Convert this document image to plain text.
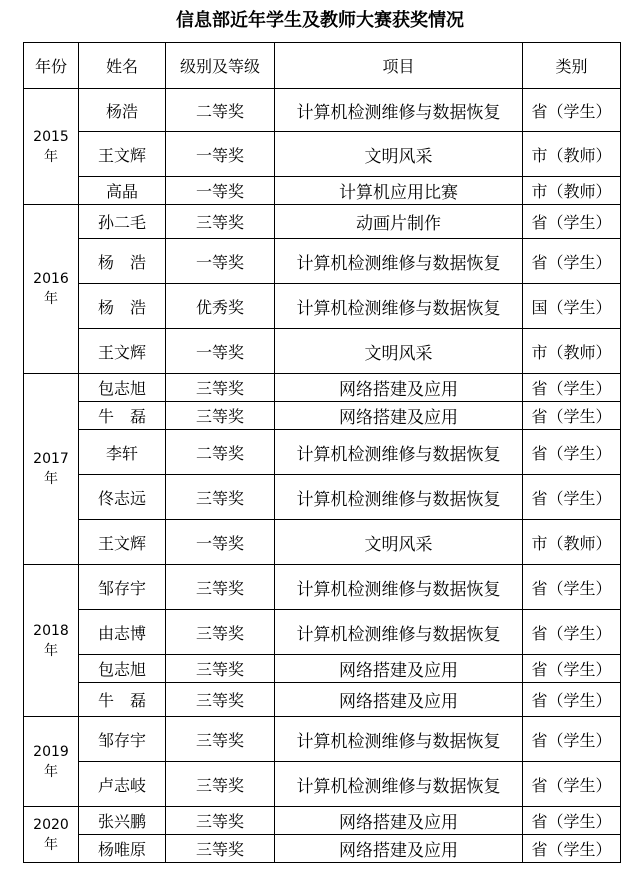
信息部近年学生及教师大赛获奖情况
年份	姓名	级别及等级	项目	类别

2015
年	杨浩	二等奖	计算机检测维修与数据恢复	省（学生）
	王文辉	一等奖	文明风采	市（教师）
	高晶	一等奖	计算机应用比赛	市（教师）

2016
年	孙二毛	三等奖	动画片制作	省（学生）
	杨　浩	一等奖	计算机检测维修与数据恢复	省（学生）
	杨　浩	优秀奖	计算机检测维修与数据恢复	国（学生）
	王文辉	一等奖	文明风采	市（教师）

2017
年	包志旭	三等奖	网络搭建及应用	省（学生）
	牛　磊	三等奖	网络搭建及应用	省（学生）
	李轩	二等奖	计算机检测维修与数据恢复	省（学生）
	佟志远	三等奖	计算机检测维修与数据恢复	省（学生）
	王文辉	一等奖	文明风采	市（教师）

2018
年	邹存宇	三等奖	计算机检测维修与数据恢复	省（学生）
	由志博	三等奖	计算机检测维修与数据恢复	省（学生）
	包志旭	三等奖	网络搭建及应用	省（学生）
	牛　磊	三等奖	网络搭建及应用	省（学生）

2019
年	邹存宇	三等奖	计算机检测维修与数据恢复	省（学生）
	卢志岐	三等奖	计算机检测维修与数据恢复	省（学生）

2020
年	张兴鹏	三等奖	网络搭建及应用	省（学生）
	杨唯原	三等奖	网络搭建及应用	省（学生）
